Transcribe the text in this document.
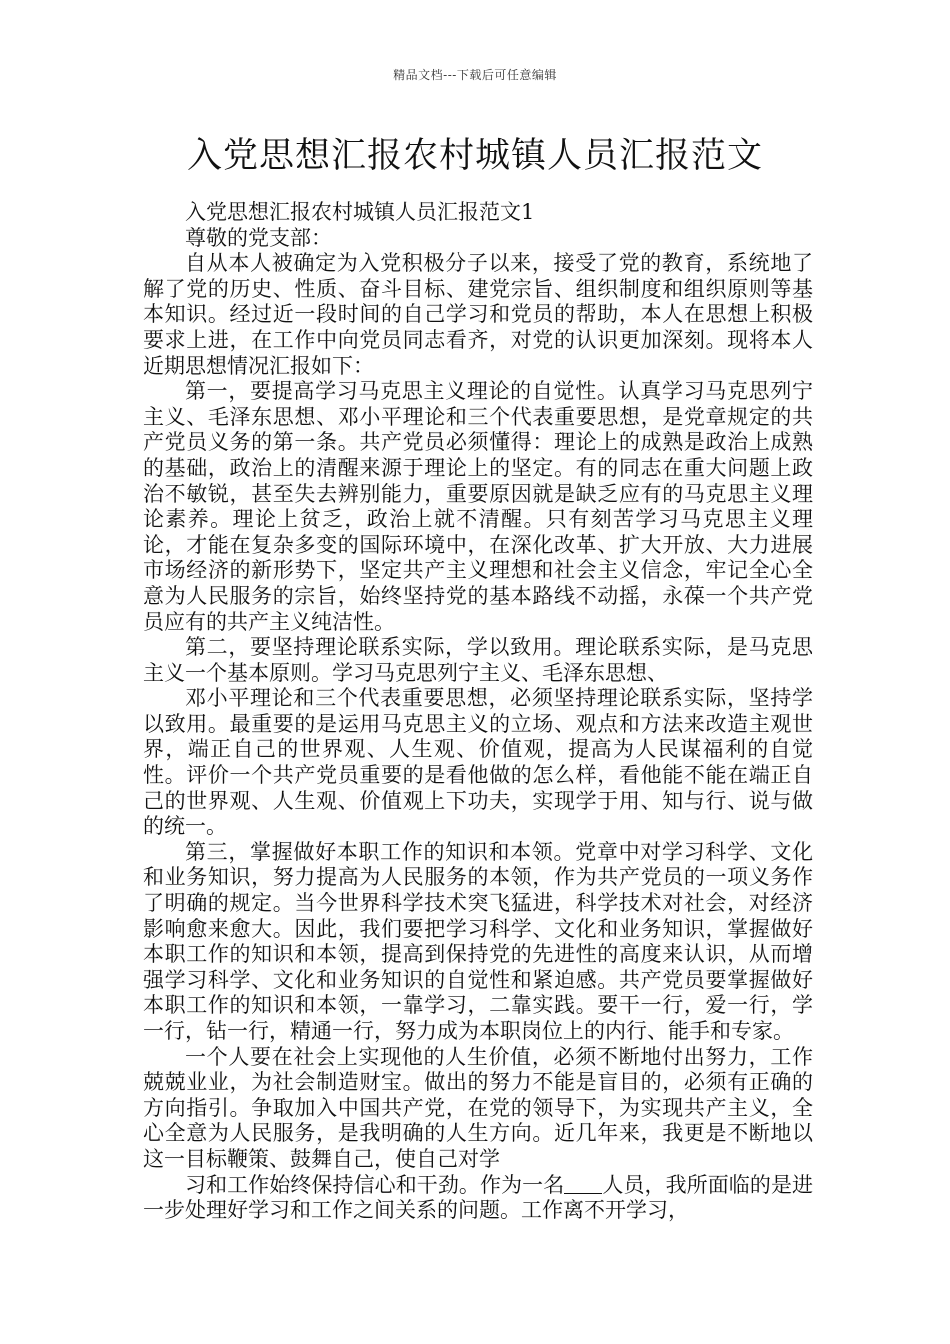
精品文档---下载后可任意编辑
入党思想汇报农村城镇人员汇报范文

入党思想汇报农村城镇人员汇报范文1

尊敬的党支部：

自从本人被确定为入党积极分子以来，接受了党的教育，系统地了解了党的历史、性质、奋斗目标、建党宗旨、组织制度和组织原则等基本知识。经过近一段时间的自己学习和党员的帮助，本人在思想上积极要求上进，在工作中向党员同志看齐，对党的认识更加深刻。现将本人近期思想情况汇报如下：

第一，要提高学习马克思主义理论的自觉性。认真学习马克思列宁主义、毛泽东思想、邓小平理论和三个代表重要思想，是党章规定的共产党员义务的第一条。共产党员必须懂得：理论上的成熟是政治上成熟的基础，政治上的清醒来源于理论上的坚定。有的同志在重大问题上政治不敏锐，甚至失去辨别能力，重要原因就是缺乏应有的马克思主义理论素养。理论上贫乏，政治上就不清醒。只有刻苦学习马克思主义理论，才能在复杂多变的国际环境中，在深化改革、扩大开放、大力进展市场经济的新形势下，坚定共产主义理想和社会主义信念，牢记全心全意为人民服务的宗旨，始终坚持党的基本路线不动摇，永葆一个共产党员应有的共产主义纯洁性。

第二，要坚持理论联系实际，学以致用。理论联系实际，是马克思主义一个基本原则。学习马克思列宁主义、毛泽东思想、

邓小平理论和三个代表重要思想，必须坚持理论联系实际，坚持学以致用。最重要的是运用马克思主义的立场、观点和方法来改造主观世界，端正自己的世界观、人生观、价值观，提高为人民谋福利的自觉性。评价一个共产党员重要的是看他做的怎么样，看他能不能在端正自己的世界观、人生观、价值观上下功夫，实现学于用、知与行、说与做的统一。

第三，掌握做好本职工作的知识和本领。党章中对学习科学、文化和业务知识，努力提高为人民服务的本领，作为共产党员的一项义务作了明确的规定。当今世界科学技术突飞猛进，科学技术对社会，对经济影响愈来愈大。因此，我们要把学习科学、文化和业务知识，掌握做好本职工作的知识和本领，提高到保持党的先进性的高度来认识，从而增强学习科学、文化和业务知识的自觉性和紧迫感。共产党员要掌握做好本职工作的知识和本领，一靠学习，二靠实践。要干一行，爱一行，学一行，钻一行，精通一行，努力成为本职岗位上的内行、能手和专家。

一个人要在社会上实现他的人生价值，必须不断地付出努力，工作兢兢业业，为社会制造财宝。做出的努力不能是盲目的，必须有正确的方向指引。争取加入中国共产党，在党的领导下，为实现共产主义，全心全意为人民服务，是我明确的人生方向。近几年来，我更是不断地以这一目标鞭策、鼓舞自己，使自己对学

习和工作始终保持信心和干劲。作为一名 人员，我所面临的是进一步处理好学习和工作之间关系的问题。工作离不开学习，
